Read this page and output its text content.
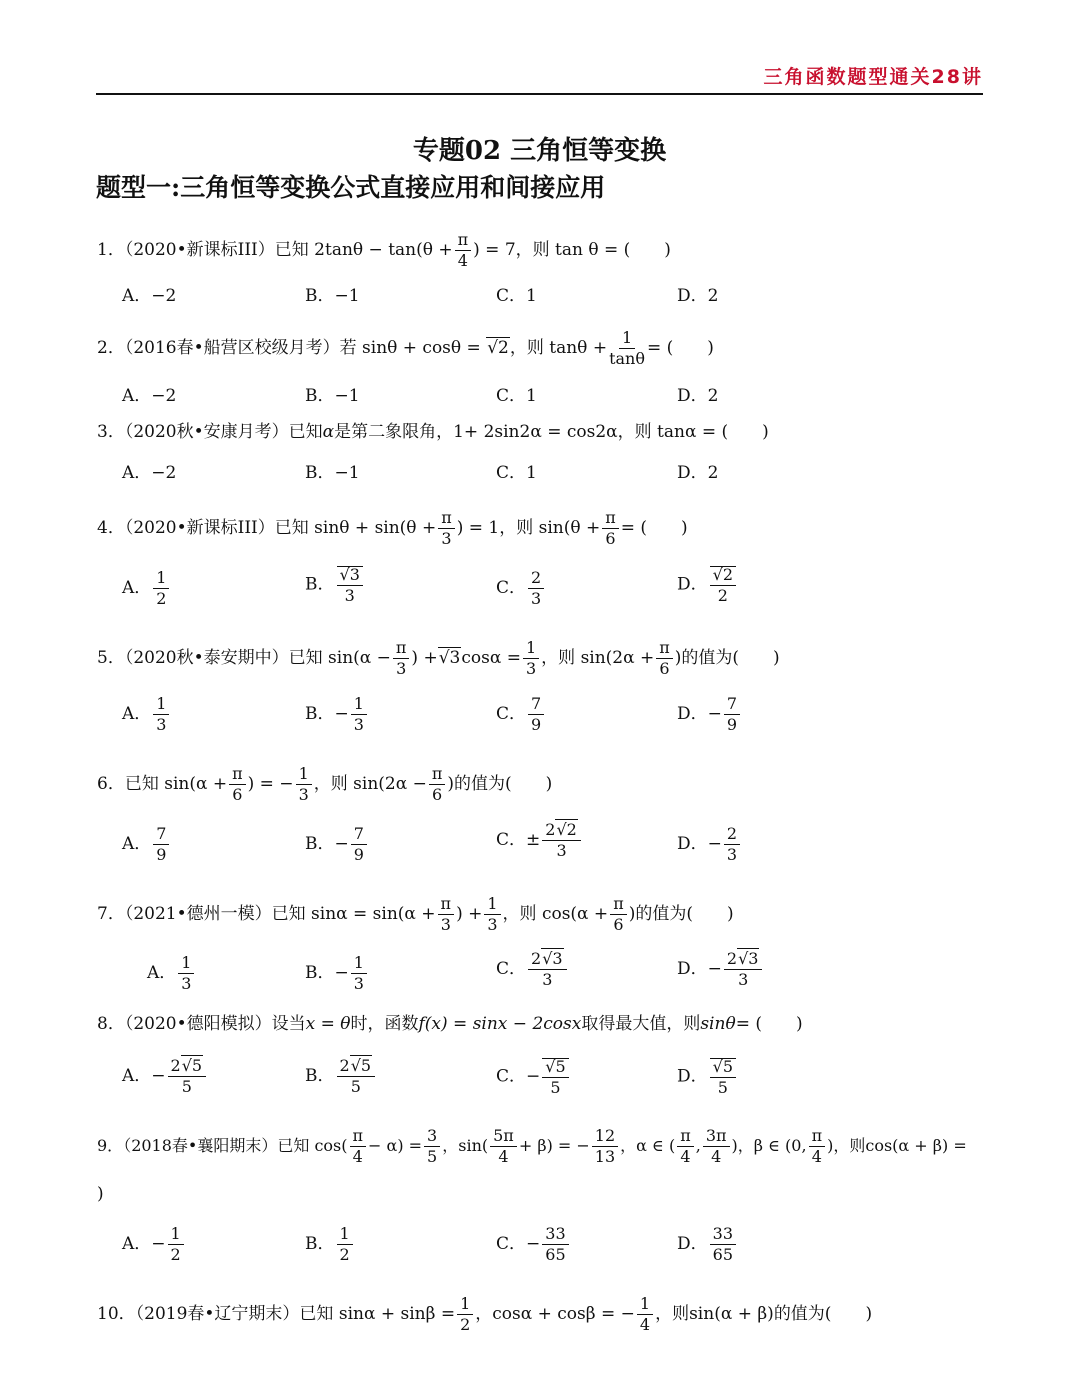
三角函数题型通关28讲
专题02 三角恒等变换
题型一:三角恒等变换公式直接应用和间接应用
1．（2020•新课标III）已知 $2\tan\theta - \tan(\theta + \frac{\pi}{4}$ ) = 7，则 tan θ = (　　)
A．−2	B．−1	C．1	D．2
2．（2016春•船营区校级月考）若 sinθ + cosθ = √2，则 $\tan\theta + \frac{1}{\tan\theta}$ = (　　)
A．−2	B．−1	C．1	D．2
3．（2020秋•安康月考）已知α是第二象限角，1+ 2sin2α = cos2α，则 tanα = (　　)
A．−2	B．−1	C．1	D．2
4．（2020•新课标III）已知 $\sin\theta + \sin(\theta + \frac{\pi}{3}$ ) = 1，则 $\sin(\theta + \frac{\pi}{6}$ = (　　)
A． $\frac{1}{2}$	B． $\frac{√3}{3}$	C． $\frac{2}{3}$	D． $\frac{√2}{2}$
5．（2020秋•泰安期中）已知 $\sin(\alpha - \frac{\pi}{3}$ ) $+√3\cos\alpha = \frac{1}{3}$ ，则 $\sin(2\alpha + \frac{\pi}{6}$ )的值为(　　)
A． $\frac{1}{3}$	B．− $\frac{1}{3}$	C． $\frac{7}{9}$	D．− $\frac{7}{9}$
6．已知 $\sin(\alpha + \frac{\pi}{6}$ ) = − $\frac{1}{3}$ ，则 $\sin(2\alpha - \frac{\pi}{6}$ )的值为(　　)
A． $\frac{7}{9}$	B．− $\frac{7}{9}$	C．± $\frac{2√2}{3}$	D．− $\frac{2}{3}$
7．（2021•德州一模）已知 $\sin\alpha = \sin(\alpha + \frac{\pi}{3}$ ) + $\frac{1}{3}$ ，则 $\cos(\alpha + \frac{\pi}{6}$ )的值为(　　)
A． $\frac{1}{3}$	B．− $\frac{1}{3}$	C． $\frac{2√3}{3}$	D．− $\frac{2√3}{3}$
8．（2020•德阳模拟）设当x = θ时，函数f(x) = sinx − 2cosx取得最大值，则sinθ= (　　)
A．− $\frac{2√5}{5}$	B． $\frac{2√5}{5}$	C．− $\frac{√5}{5}$	D． $\frac{√5}{5}$
9．（2018春•襄阳期末）已知 $\cos( \frac{\pi}{4} - \alpha) = \frac{3}{5}$ ，$\sin( \frac{5\pi}{4} + \beta)$ = − $\frac{12}{13}$ ，α ∈ ( $\frac{\pi}{4}$ , $\frac{3\pi}{4}$ )，β ∈ (0, $\frac{\pi}{4}$ )，则cos(α + β) =
)
A．− $\frac{1}{2}$	B． $\frac{1}{2}$	C．− $\frac{33}{65}$	D． $\frac{33}{65}$
10．（2019春•辽宁期末）已知 $\sin\alpha + \sin\beta = \frac{1}{2}$ ，cosα + cosβ = − $\frac{1}{4}$ ，则sin(α + β)的值为(　　)
